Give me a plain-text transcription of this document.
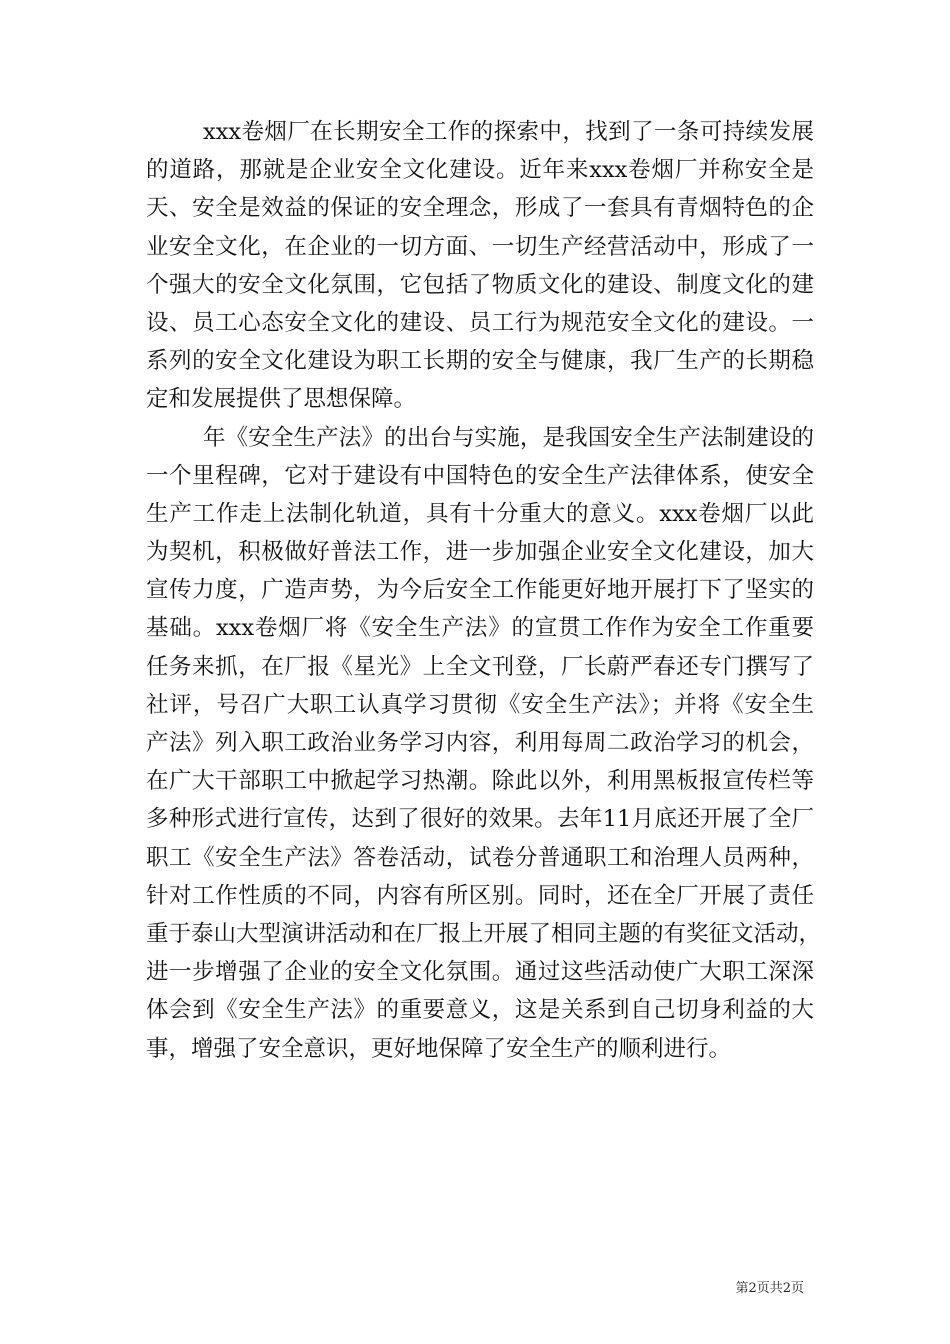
xxx卷烟厂在长期安全工作的探索中，找到了一条可持续发展
的道路，那就是企业安全文化建设。近年来xxx卷烟厂并称安全是
天、安全是效益的保证的安全理念，形成了一套具有青烟特色的企
业安全文化，在企业的一切方面、一切生产经营活动中，形成了一
个强大的安全文化氛围，它包括了物质文化的建设、制度文化的建
设、员工心态安全文化的建设、员工行为规范安全文化的建设。一
系列的安全文化建设为职工长期的安全与健康，我厂生产的长期稳
定和发展提供了思想保障。
年《安全生产法》的出台与实施，是我国安全生产法制建设的
一个里程碑，它对于建设有中国特色的安全生产法律体系，使安全
生产工作走上法制化轨道，具有十分重大的意义。xxx卷烟厂以此
为契机，积极做好普法工作，进一步加强企业安全文化建设，加大
宣传力度，广造声势，为今后安全工作能更好地开展打下了坚实的
基础。xxx卷烟厂将《安全生产法》的宣贯工作作为安全工作重要
任务来抓，在厂报《星光》上全文刊登，厂长蔚严春还专门撰写了
社评，号召广大职工认真学习贯彻《安全生产法》；并将《安全生
产法》列入职工政治业务学习内容，利用每周二政治学习的机会，
在广大干部职工中掀起学习热潮。除此以外，利用黑板报宣传栏等
多种形式进行宣传，达到了很好的效果。去年11月底还开展了全厂
职工《安全生产法》答卷活动，试卷分普通职工和治理人员两种，
针对工作性质的不同，内容有所区别。同时，还在全厂开展了责任
重于泰山大型演讲活动和在厂报上开展了相同主题的有奖征文活动，
进一步增强了企业的安全文化氛围。通过这些活动使广大职工深深
体会到《安全生产法》的重要意义，这是关系到自己切身利益的大
事，增强了安全意识，更好地保障了安全生产的顺利进行。
第2页共2页
